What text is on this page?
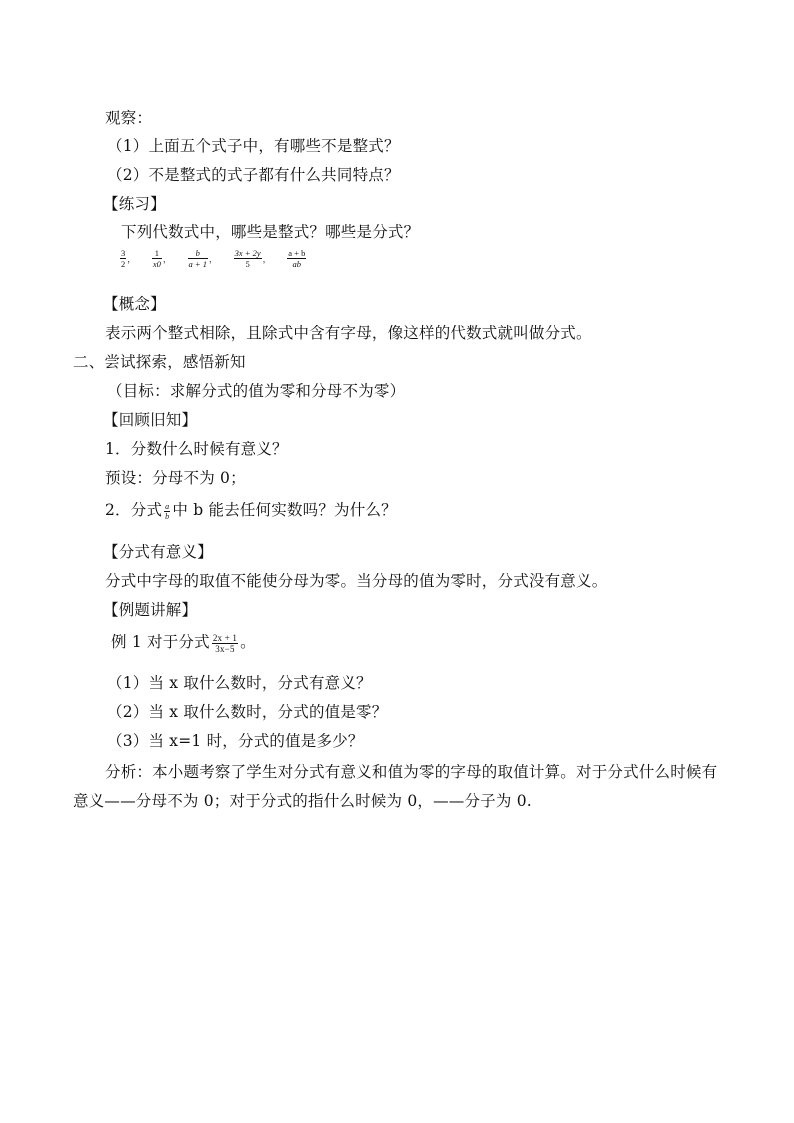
观察：
（1）上面五个式子中，有哪些不是整式？
（2）不是整式的式子都有什么共同特点？
【练习】
下列代数式中，哪些是整式？哪些是分式？
$\frac{3}{2}$ ， $\frac{1}{x0}$ ， $\frac{b}{a + 1}$ ， $\frac{3x + 2y}{5}$ ， $\frac{a + b}{ab}$
【概念】
表示两个整式相除，且除式中含有字母，像这样的代数式就叫做分式。
二、尝试探索，感悟新知
（目标：求解分式的值为零和分母不为零）
【回顾旧知】
1．分数什么时候有意义？
预设：分母不为 0；
2．分式 $\frac{a}{b}$ 中 b 能去任何实数吗？为什么？
【分式有意义】
分式中字母的取值不能使分母为零。当分母的值为零时，分式没有意义。
【例题讲解】
例 1 对于分式 $\frac{2x + 1}{3x-5}$ 。
（1）当 x 取什么数时，分式有意义？
（2）当 x 取什么数时，分式的值是零？
（3）当 x=1 时，分式的值是多少？
分析：本小题考察了学生对分式有意义和值为零的字母的取值计算。对于分式什么时候有
意义——分母不为 0；对于分式的指什么时候为 0，——分子为 0.
